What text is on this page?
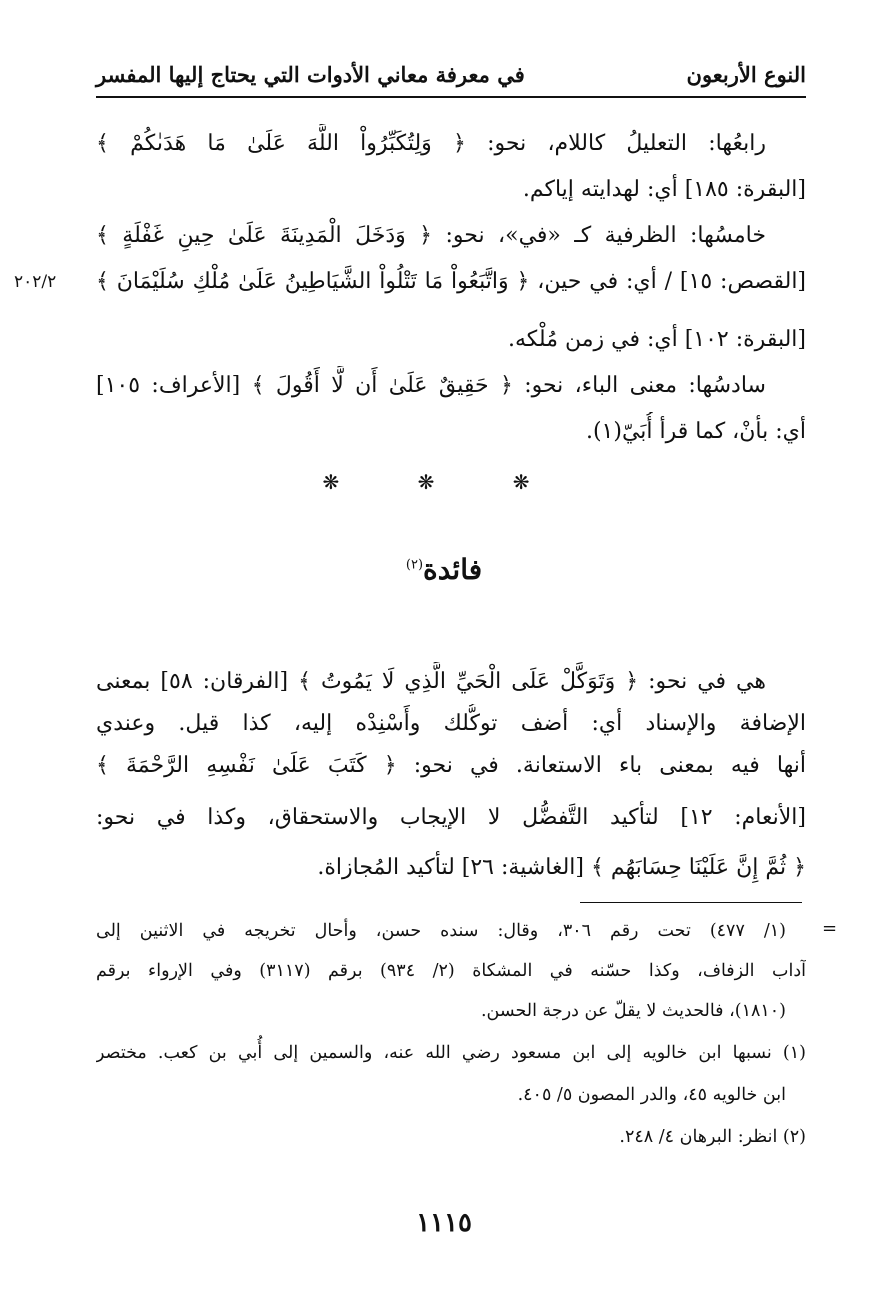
النوع الأربعون
في معرفة معاني الأدوات التي يحتاج إليها المفسر
٢٠٢/٢
رابعُها: التعليلُ كاللام، نحو: ﴿ وَلِتُكَبِّرُواْ اللَّهَ عَلَىٰ مَا هَدَىٰكُمْ ﴾
[البقرة: ١٨٥] أي: لهدايته إياكم.
خامسُها: الظرفية كـ «في»، نحو: ﴿ وَدَخَلَ الْمَدِينَةَ عَلَىٰ حِينِ غَفْلَةٍ ﴾
[القصص: ١٥] / أي: في حين، ﴿ وَاتَّبَعُواْ مَا تَتْلُواْ الشَّيَاطِينُ عَلَىٰ مُلْكِ سُلَيْمَانَ ﴾
[البقرة: ١٠٢] أي: في زمن مُلْكه.
سادسُها: معنى الباء، نحو: ﴿ حَقِيقٌ عَلَىٰ أَن لَّا أَقُولَ ﴾ [الأعراف: ١٠٥]
أي: بأنْ، كما قرأ أُبَيّ(١).
❋ ❋ ❋
فائدة$^{(٢)}$
هي في نحو: ﴿ وَتَوَكَّلْ عَلَى الْحَيِّ الَّذِي لَا يَمُوتُ ﴾ [الفرقان: ٥٨] بمعنى
الإضافة والإسناد أي: أضف توكُّلك وأَسْنِدْه إليه، كذا قيل. وعندي
أنها فيه بمعنى باء الاستعانة. في نحو: ﴿ كَتَبَ عَلَىٰ نَفْسِهِ الرَّحْمَةَ ﴾
[الأنعام: ١٢] لتأكيد التَّفضُّل لا الإيجاب والاستحقاق، وكذا في نحو:
﴿ ثُمَّ إِنَّ عَلَيْنَا حِسَابَهُم ﴾ [الغاشية: ٢٦] لتأكيد المُجازاة.
=
(١/ ٤٧٧) تحت رقم ٣٠٦، وقال: سنده حسن، وأحال تخريجه في الاثنين إلى
آداب الزفاف، وكذا حسّنه في المشكاة (٢/ ٩٣٤) برقم (٣١١٧) وفي الإرواء برقم
(١٨١٠)، فالحديث لا يقلّ عن درجة الحسن.
(١) نسبها ابن خالويه إلى ابن مسعود رضي الله عنه، والسمين إلى أُبي بن كعب. مختصر
ابن خالويه ٤٥، والدر المصون ٥/ ٤٠٥.
(٢) انظر: البرهان ٤/ ٢٤٨.
١١١٥
